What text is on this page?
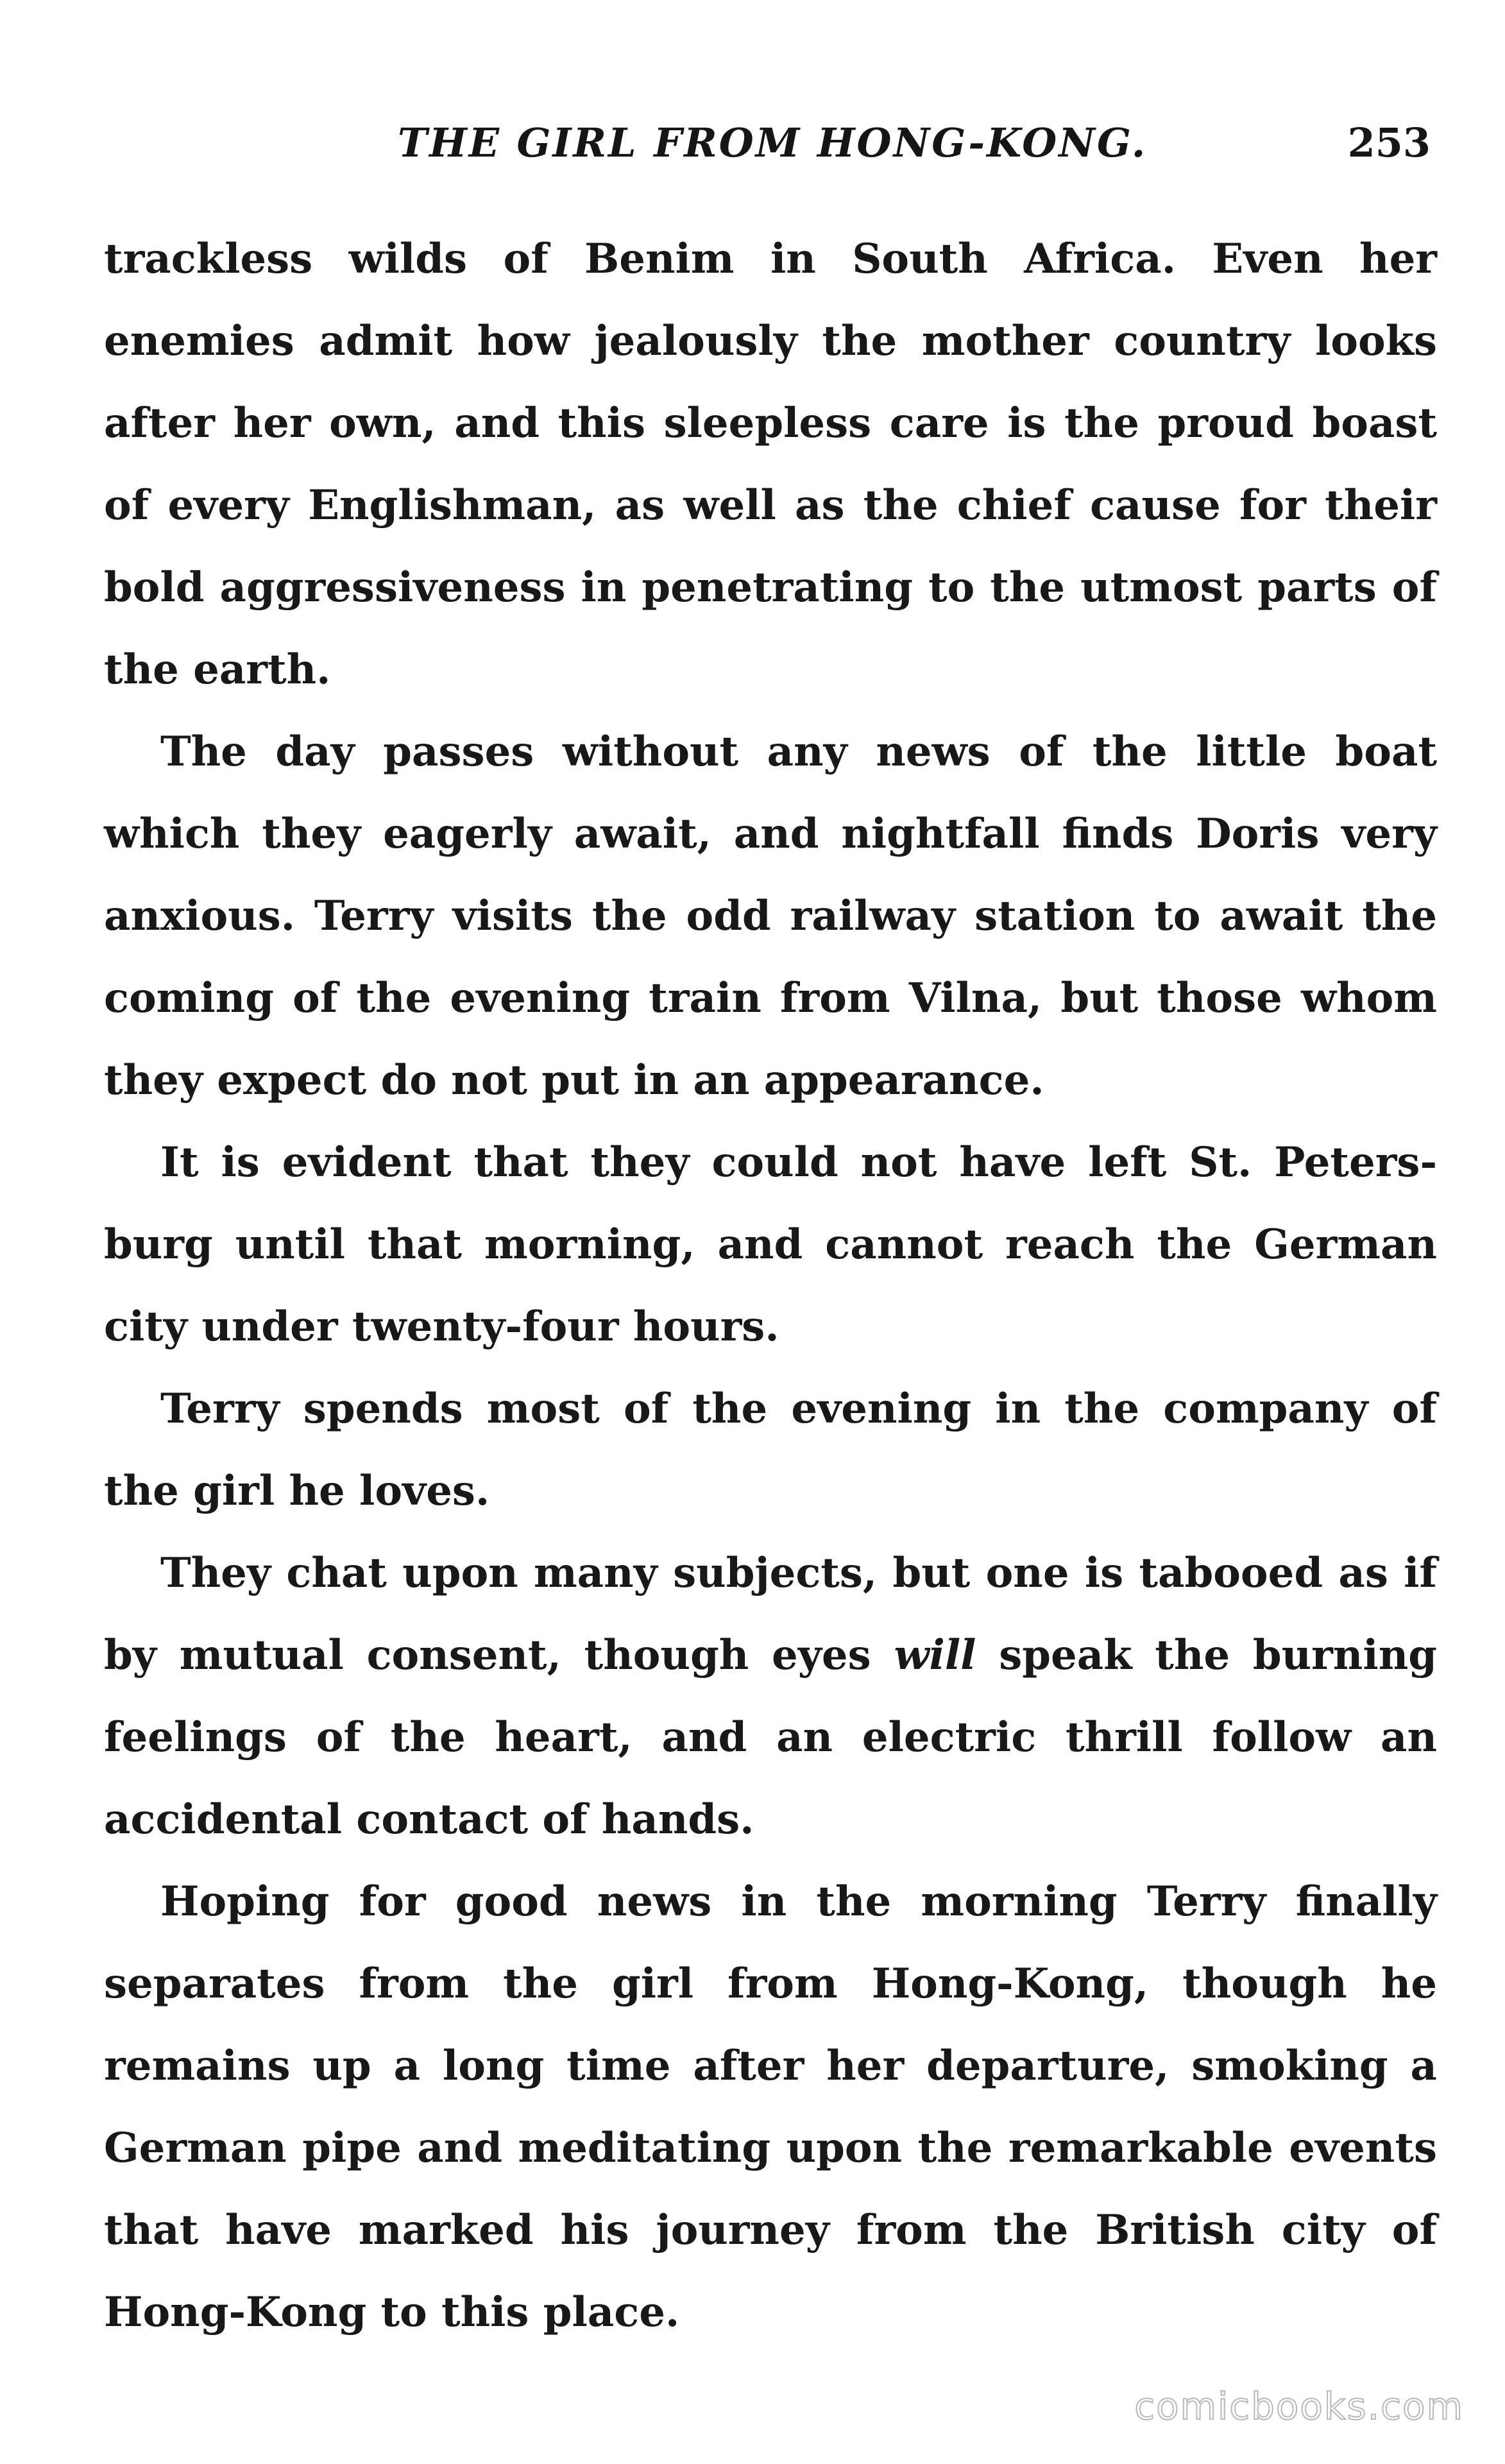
THE GIRL FROM HONG-KONG.	253

trackless wilds of Benim in South Africa. Even her enemies admit how jealously the mother country looks after her own, and this sleepless care is the proud boast of every Englishman, as well as the chief cause for their bold aggressiveness in penetrating to the utmost parts of the earth.

The day passes without any news of the little boat which they eagerly await, and nightfall finds Doris very anxious. Terry visits the odd railway station to await the coming of the evening train from Vilna, but those whom they expect do not put in an appearance.

It is evident that they could not have left St. Peters- burg until that morning, and cannot reach the German city under twenty-four hours.

Terry spends most of the evening in the company of the girl he loves.

They chat upon many subjects, but one is tabooed as if by mutual consent, though eyes will speak the burning feelings of the heart, and an electric thrill follow an accidental contact of hands.

Hoping for good news in the morning Terry finally separates from the girl from Hong-Kong, though he remains up a long time after her departure, smoking a German pipe and meditating upon the remarkable events that have marked his journey from the British city of Hong-Kong to this place.

comicbooks.com
